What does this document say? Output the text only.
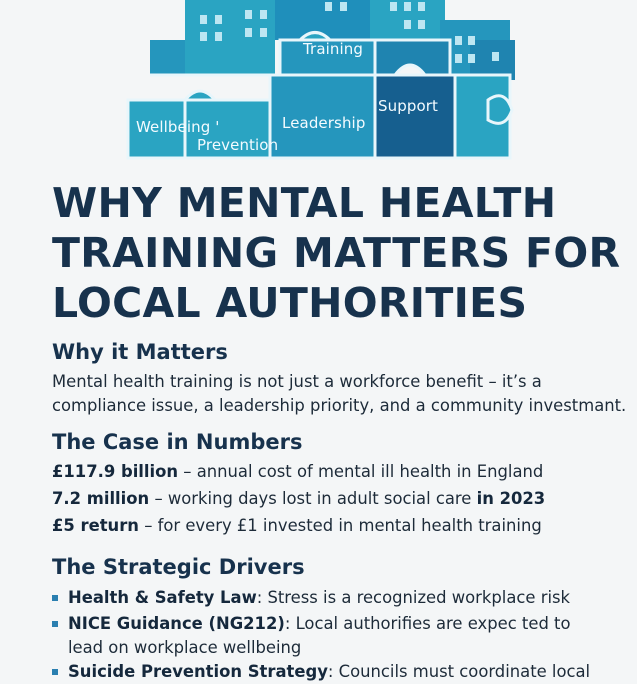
Training
Support
Wellbeing '	Leadership
Prevention
WHY MENTAL HEALTH
TRAINING MATTERS FOR
LOCAL AUTHORITIES
Why it Matters
Mental health training is not just a workforce benefit – it’s a
compliance issue, a leadership priority, and a community investmant.
The Case in Numbers
£117.9 billion – annual cost of mental ill health in England
7.2 million – working days lost in adult social care in 2023
£5 return – for every £1 invested in mental health training
The Strategic Drivers
Health & Safety Law: Stress is a recognized workplace risk
NICE Guidance (NG212): Local authorifies are expec ted to
lead on workplace wellbeing
Suicide Prevention Strategy: Councils must coordinate local
